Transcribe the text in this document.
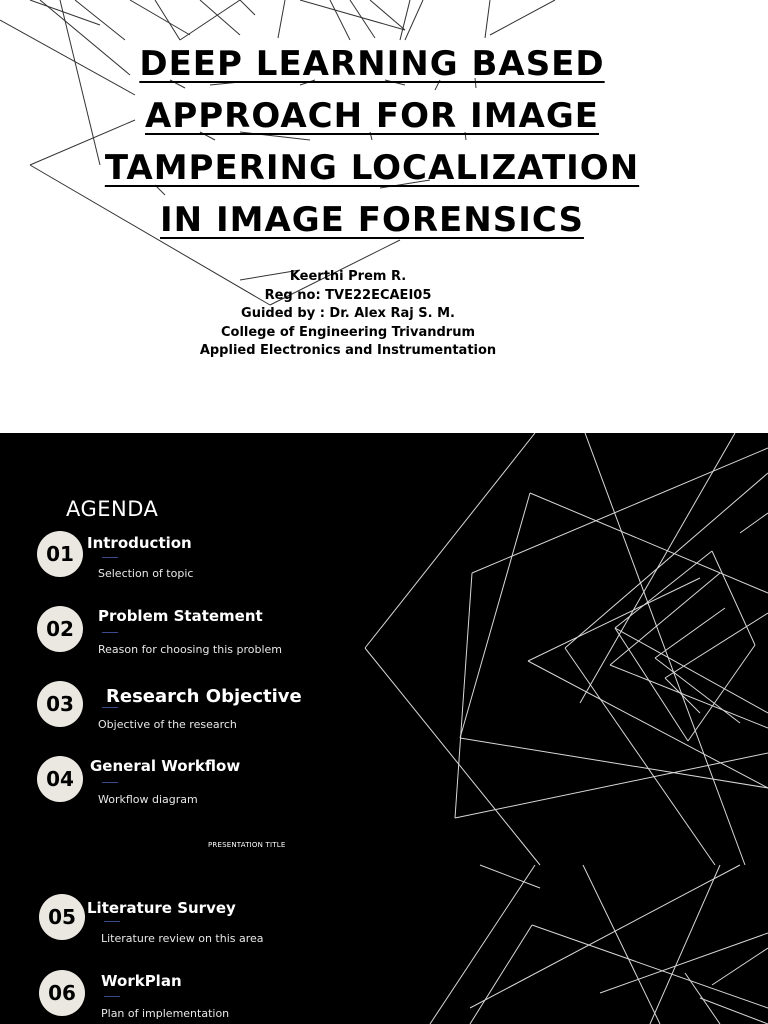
DEEP LEARNING BASED
APPROACH FOR IMAGE
TAMPERING LOCALIZATION
IN IMAGE FORENSICS
Keerthi Prem R.
Reg no: TVE22ECAEI05
Guided by : Dr. Alex Raj S. M.
College of Engineering Trivandrum
Applied Electronics and Instrumentation
AGENDA
01 Introduction
Selection of topic
02
Problem Statement
Reason for choosing this problem
03	Research Objective
Objective of the research
04
General Workflow
Workflow diagram
PRESENTATION TITLE
05 Literature Survey
Literature review on this area
06	WorkPlan
Plan of implementation
